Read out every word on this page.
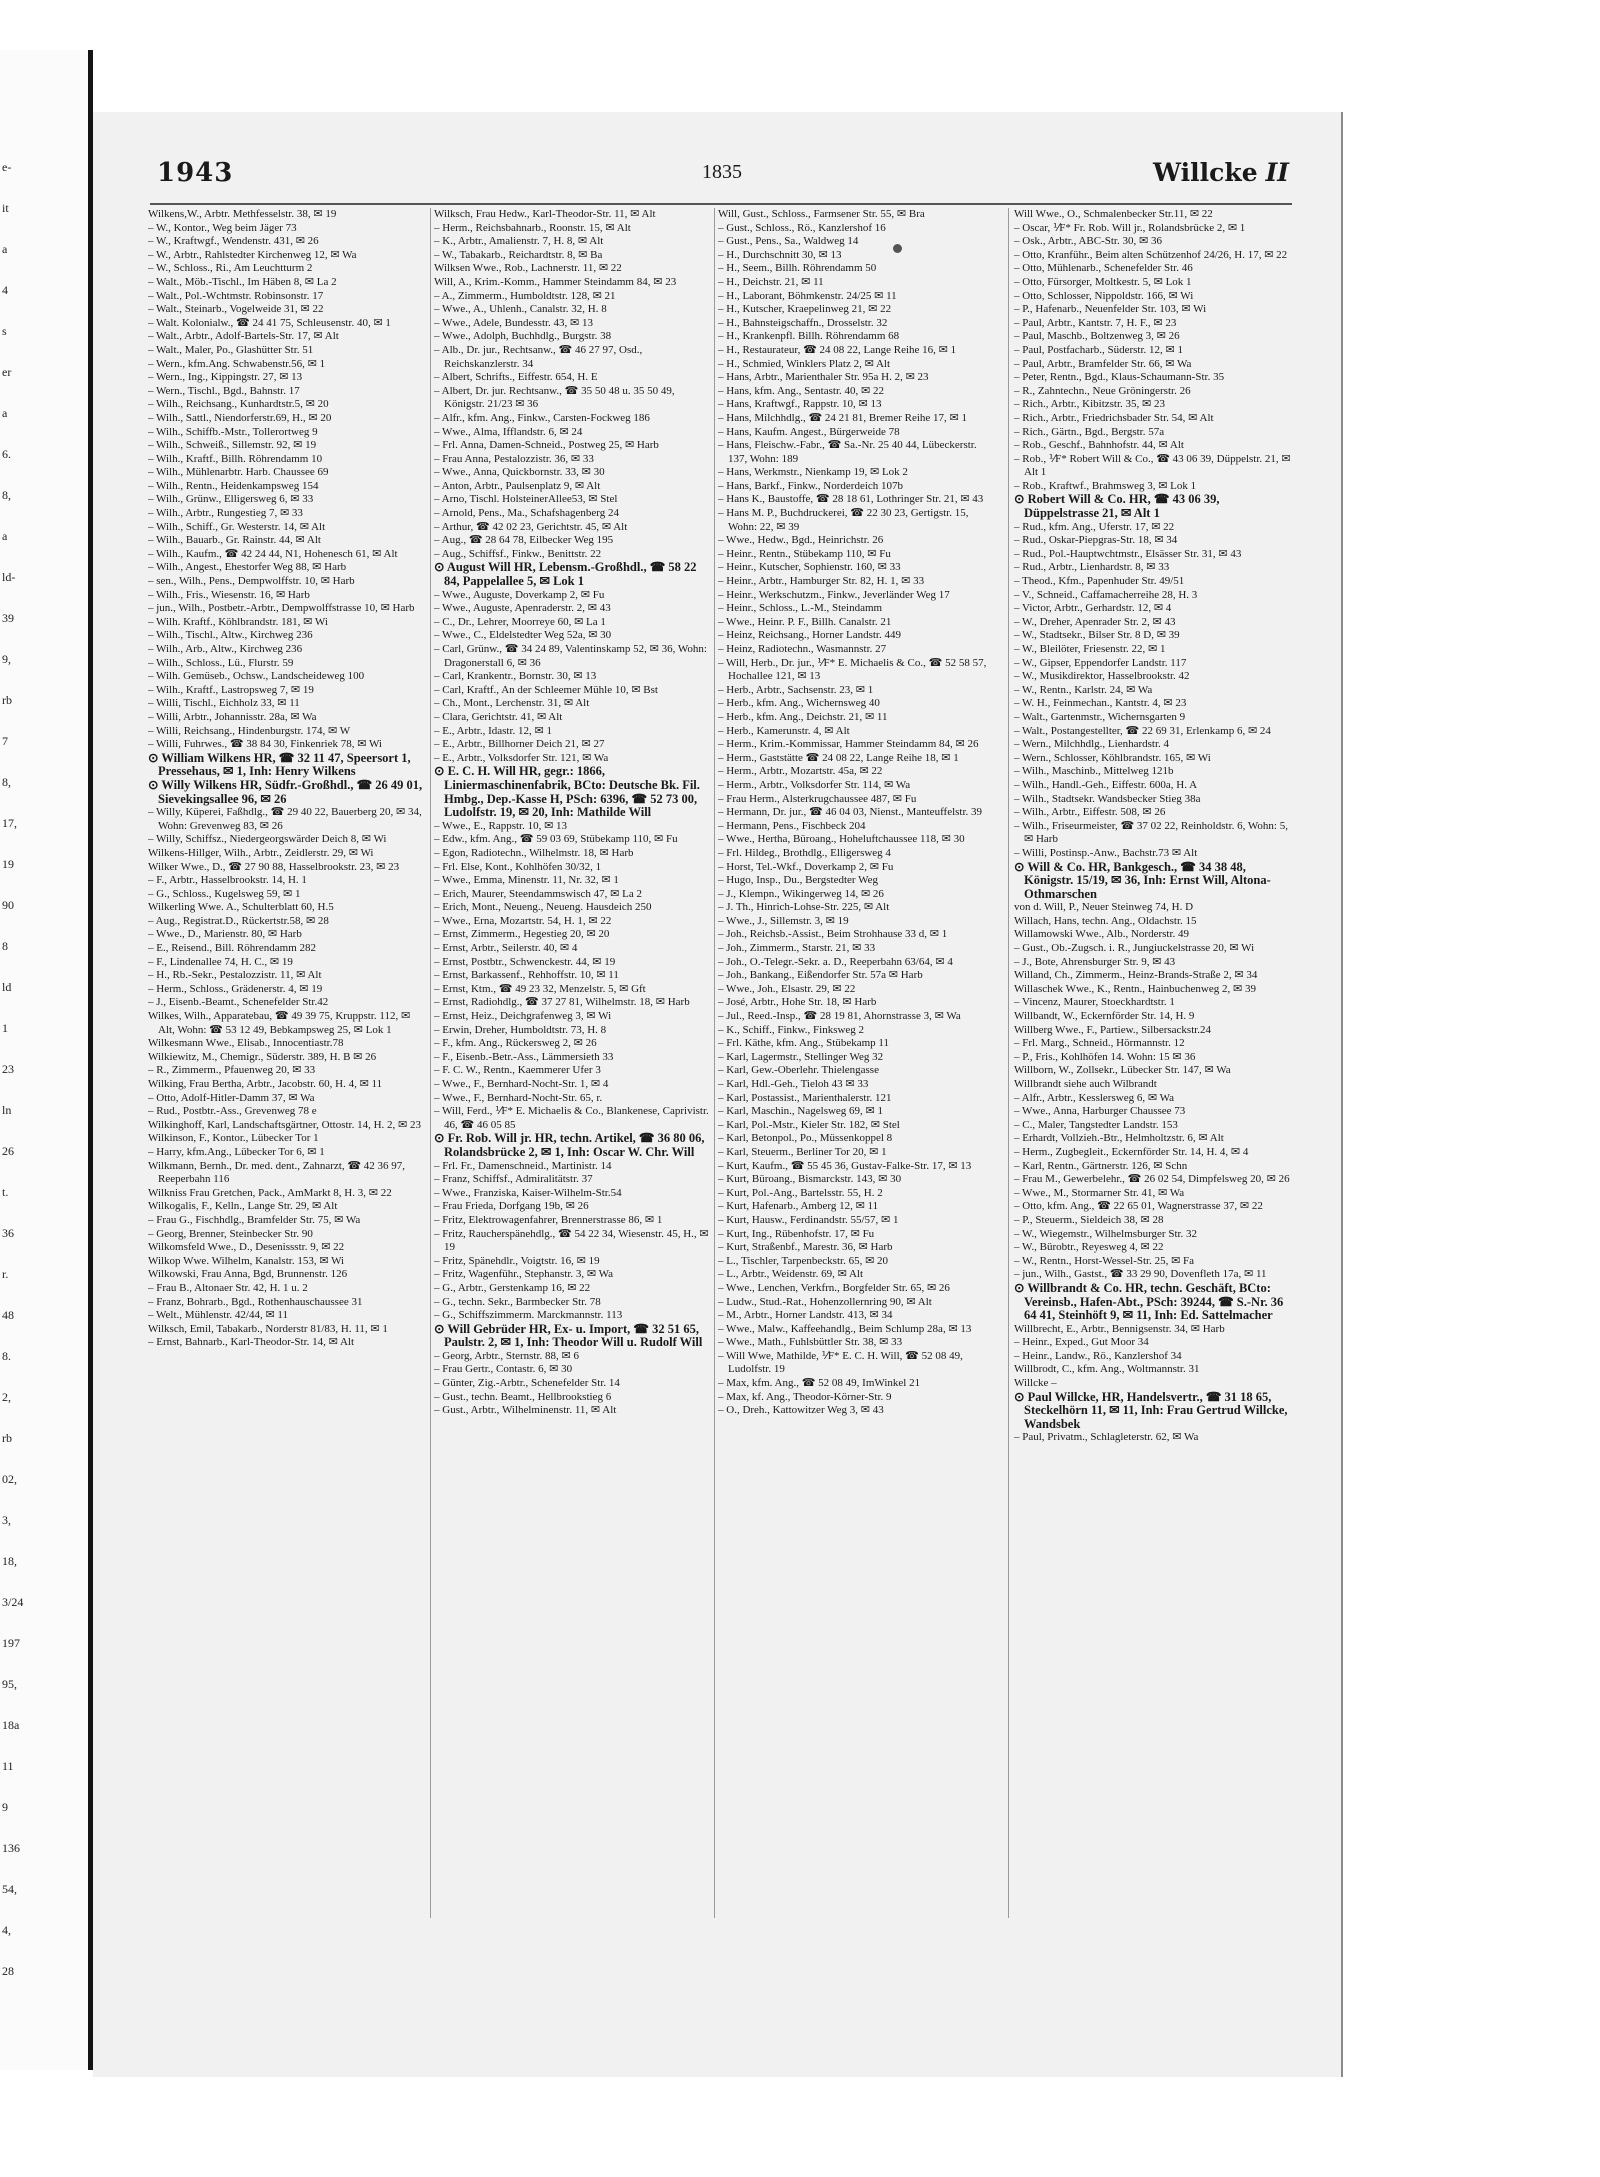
e-
it
a
4
s
er
a
6.
8,
a
ld-
39
9,
rb
7
8,
17,
19
90
8
ld
1
23
ln
26
t.
36
r.
48
8.
2,
rb
02,
3,
18,
3/24
197
95,
18a
11
9
136
54,
4,
28
1943	1835	Willcke II
Wilkens,W., Arbtr. Methfesselstr. 38, ✉ 19
– W., Kontor., Weg beim Jäger 73
– W., Kraftwgf., Wendenstr. 431, ✉ 26
– W., Arbtr., Rahlstedter Kirchenweg 12, ✉ Wa
– W., Schloss., Ri., Am Leuchtturm 2
– Walt., Möb.-Tischl., Im Häben 8, ✉ La 2
– Walt., Pol.-Wchtmstr. Robinsonstr. 17
– Walt., Steinarb., Vogelweide 31, ✉ 22
– Walt. Kolonialw., ☎ 24 41 75, Schleusenstr. 40, ✉ 1
– Walt., Arbtr., Adolf-Bartels-Str. 17, ✉ Alt
– Walt., Maler, Po., Glashütter Str. 51
– Wern., kfm.Ang. Schwabenstr.56, ✉ 1
– Wern., Ing., Kippingstr. 27, ✉ 13
– Wern., Tischl., Bgd., Bahnstr. 17
– Wilh., Reichsang., Kunhardtstr.5, ✉ 20
– Wilh., Sattl., Niendorferstr.69, H., ✉ 20
– Wilh., Schiffb.-Mstr., Tollerortweg 9
– Wilh., Schweiß., Sillemstr. 92, ✉ 19
– Wilh., Kraftf., Billh. Röhrendamm 10
– Wilh., Mühlenarbtr. Harb. Chaussee 69
– Wilh., Rentn., Heidenkampsweg 154
– Wilh., Grünw., Elligersweg 6, ✉ 33
– Wilh., Arbtr., Rungestieg 7, ✉ 33
– Wilh., Schiff., Gr. Westerstr. 14, ✉ Alt
– Wilh., Bauarb., Gr. Rainstr. 44, ✉ Alt
– Wilh., Kaufm., ☎ 42 24 44, N1, Hohenesch 61, ✉ Alt
– Wilh., Angest., Ehestorfer Weg 88, ✉ Harb
– sen., Wilh., Pens., Dempwolffstr. 10, ✉ Harb
– Wilh., Fris., Wiesenstr. 16, ✉ Harb
– jun., Wilh., Postbetr.-Arbtr., Dempwolffstrasse 10, ✉ Harb
– Wilh. Kraftf., Köhlbrandstr. 181, ✉ Wi
– Wilh., Tischl., Altw., Kirchweg 236
– Wilh., Arb., Altw., Kirchweg 236
– Wilh., Schloss., Lü., Flurstr. 59
– Wilh. Gemüseb., Ochsw., Landscheideweg 100
– Wilh., Kraftf., Lastropsweg 7, ✉ 19
– Willi, Tischl., Eichholz 33, ✉ 11
– Willi, Arbtr., Johannisstr. 28a, ✉ Wa
– Willi, Reichsang., Hindenburgstr. 174, ✉ W
– Willi, Fuhrwes., ☎ 38 84 30, Finkenriek 78, ✉ Wi
⊙ William Wilkens HR, ☎ 32 11 47, Speersort 1, Pressehaus, ✉ 1, Inh: Henry Wilkens
⊙ Willy Wilkens HR, Südfr.-Großhdl., ☎ 26 49 01, Sievekingsallee 96, ✉ 26
– Willy, Küperei, Faßhdlg., ☎ 29 40 22, Bauerberg 20, ✉ 34, Wohn: Grevenweg 83, ✉ 26
– Willy, Schiffsz., Niedergeorgswärder Deich 8, ✉ Wi
Wilkens-Hillger, Wilh., Arbtr., Zeidlerstr. 29, ✉ Wi
Wilker Wwe., D., ☎ 27 90 88, Hasselbrookstr. 23, ✉ 23
– F., Arbtr., Hasselbrookstr. 14, H. 1
– G., Schloss., Kugelsweg 59, ✉ 1
Wilkerling Wwe. A., Schulterblatt 60, H.5
– Aug., Registrat.D., Rückertstr.58, ✉ 28
– Wwe., D., Marienstr. 80, ✉ Harb
– E., Reisend., Bill. Röhrendamm 282
– F., Lindenallee 74, H. C., ✉ 19
– H., Rb.-Sekr., Pestalozzistr. 11, ✉ Alt
– Herm., Schloss., Grädenerstr. 4, ✉ 19
– J., Eisenb.-Beamt., Schenefelder Str.42
Wilkes, Wilh., Apparatebau, ☎ 49 39 75, Kruppstr. 112, ✉ Alt, Wohn: ☎ 53 12 49, Bebkampsweg 25, ✉ Lok 1
Wilkesmann Wwe., Elisab., Innocentiastr.78
Wilkiewitz, M., Chemigr., Süderstr. 389, H. B ✉ 26
– R., Zimmerm., Pfauenweg 20, ✉ 33
Wilking, Frau Bertha, Arbtr., Jacobstr. 60, H. 4, ✉ 11
– Otto, Adolf-Hitler-Damm 37, ✉ Wa
– Rud., Postbtr.-Ass., Grevenweg 78 e
Wilkinghoff, Karl, Landschaftsgärtner, Ottostr. 14, H. 2, ✉ 23
Wilkinson, F., Kontor., Lübecker Tor 1
– Harry, kfm.Ang., Lübecker Tor 6, ✉ 1
Wilkmann, Bernh., Dr. med. dent., Zahnarzt, ☎ 42 36 97, Reeperbahn 116
Wilkniss Frau Gretchen, Pack., AmMarkt 8, H. 3, ✉ 22
Wilkogalis, F., Kelln., Lange Str. 29, ✉ Alt
– Frau G., Fischhdlg., Bramfelder Str. 75, ✉ Wa
– Georg, Brenner, Steinbecker Str. 90
Wilkomsfeld Wwe., D., Desenissstr. 9, ✉ 22
Wilkop Wwe. Wilhelm, Kanalstr. 153, ✉ Wi
Wilkowski, Frau Anna, Bgd, Brunnenstr. 126
– Frau B., Altonaer Str. 42, H. 1 u. 2
– Franz, Bohrarb., Bgd., Rothenhauschaussee 31
– Welt., Mühlenstr. 42/44, ✉ 11
Wilksch, Emil, Tabakarb., Norderstr 81/83, H. 11, ✉ 1
– Ernst, Bahnarb., Karl-Theodor-Str. 14, ✉ Alt
Wilksch, Frau Hedw., Karl-Theodor-Str. 11, ✉ Alt
– Herm., Reichsbahnarb., Roonstr. 15, ✉ Alt
– K., Arbtr., Amalienstr. 7, H. 8, ✉ Alt
– W., Tabakarb., Reichardtstr. 8, ✉ Ba
Wilksen Wwe., Rob., Lachnerstr. 11, ✉ 22
Will, A., Krim.-Komm., Hammer Steindamm 84, ✉ 23
– A., Zimmerm., Humboldtstr. 128, ✉ 21
– Wwe., A., Uhlenh., Canalstr. 32, H. 8
– Wwe., Adele, Bundesstr. 43, ✉ 13
– Wwe., Adolph, Buchhdlg., Burgstr. 38
– Alb., Dr. jur., Rechtsanw., ☎ 46 27 97, Osd., Reichskanzlerstr. 34
– Albert, Schrifts., Eiffestr. 654, H. E
– Albert, Dr. jur. Rechtsanw., ☎ 35 50 48 u. 35 50 49, Königstr. 21/23 ✉ 36
– Alfr., kfm. Ang., Finkw., Carsten-Fockweg 186
– Wwe., Alma, Ifflandstr. 6, ✉ 24
– Frl. Anna, Damen-Schneid., Postweg 25, ✉ Harb
– Frau Anna, Pestalozzistr. 36, ✉ 33
– Wwe., Anna, Quickbornstr. 33, ✉ 30
– Anton, Arbtr., Paulsenplatz 9, ✉ Alt
– Arno, Tischl. HolsteinerAllee53, ✉ Stel
– Arnold, Pens., Ma., Schafshagenberg 24
– Arthur, ☎ 42 02 23, Gerichtstr. 45, ✉ Alt
– Aug., ☎ 28 64 78, Eilbecker Weg 195
– Aug., Schiffsf., Finkw., Benittstr. 22
⊙ August Will HR, Lebensm.-Großhdl., ☎ 58 22 84, Pappelallee 5, ✉ Lok 1
– Wwe., Auguste, Doverkamp 2, ✉ Fu
– Wwe., Auguste, Apenraderstr. 2, ✉ 43
– C., Dr., Lehrer, Moorreye 60, ✉ La 1
– Wwe., C., Eldelstedter Weg 52a, ✉ 30
– Carl, Grünw., ☎ 34 24 89, Valentinskamp 52, ✉ 36, Wohn: Dragonerstall 6, ✉ 36
– Carl, Krankentr., Bornstr. 30, ✉ 13
– Carl, Kraftf., An der Schleemer Mühle 10, ✉ Bst
– Ch., Mont., Lerchenstr. 31, ✉ Alt
– Clara, Gerichtstr. 41, ✉ Alt
– E., Arbtr., Idastr. 12, ✉ 1
– E., Arbtr., Billhorner Deich 21, ✉ 27
– E., Arbtr., Volksdorfer Str. 121, ✉ Wa
⊙ E. C. H. Will HR, gegr.: 1866, Liniermaschinenfabrik, BCto: Deutsche Bk. Fil. Hmbg., Dep.-Kasse H, PSch: 6396, ☎ 52 73 00, Ludolfstr. 19, ✉ 20, Inh: Mathilde Will
– Wwe., E., Rappstr. 10, ✉ 13
– Edw., kfm. Ang., ☎ 59 03 69, Stübekamp 110, ✉ Fu
– Egon, Radiotechn., Wilhelmstr. 18, ✉ Harb
– Frl. Else, Kont., Kohlhöfen 30/32, 1
– Wwe., Emma, Minenstr. 11, Nr. 32, ✉ 1
– Erich, Maurer, Steendammswisch 47, ✉ La 2
– Erich, Mont., Neueng., Neueng. Hausdeich 250
– Wwe., Erna, Mozartstr. 54, H. 1, ✉ 22
– Ernst, Zimmerm., Hegestieg 20, ✉ 20
– Ernst, Arbtr., Seilerstr. 40, ✉ 4
– Ernst, Postbtr., Schwenckestr. 44, ✉ 19
– Ernst, Barkassenf., Rehhoffstr. 10, ✉ 11
– Ernst, Ktm., ☎ 49 23 32, Menzelstr. 5, ✉ Gft
– Ernst, Radiohdlg., ☎ 37 27 81, Wilhelmstr. 18, ✉ Harb
– Ernst, Heiz., Deichgrafenweg 3, ✉ Wi
– Erwin, Dreher, Humboldtstr. 73, H. 8
– F., kfm. Ang., Rückersweg 2, ✉ 26
– F., Eisenb.-Betr.-Ass., Lämmersieth 33
– F. C. W., Rentn., Kaemmerer Ufer 3
– Wwe., F., Bernhard-Nocht-Str. 1, ✉ 4
– Wwe., F., Bernhard-Nocht-Str. 65, r.
– Will, Ferd., ⅟F* E. Michaelis & Co., Blankenese, Caprivistr. 46, ☎ 46 05 85
⊙ Fr. Rob. Will jr. HR, techn. Artikel, ☎ 36 80 06, Rolandsbrücke 2, ✉ 1, Inh: Oscar W. Chr. Will
– Frl. Fr., Damenschneid., Martinistr. 14
– Franz, Schiffsf., Admiralitätstr. 37
– Wwe., Franziska, Kaiser-Wilhelm-Str.54
– Frau Frieda, Dorfgang 19b, ✉ 26
– Fritz, Elektrowagenfahrer, Brennerstrasse 86, ✉ 1
– Fritz, Raucherspänehdlg., ☎ 54 22 34, Wiesenstr. 45, H., ✉ 19
– Fritz, Spänehdlr., Voigtstr. 16, ✉ 19
– Fritz, Wagenführ., Stephanstr. 3, ✉ Wa
– G., Arbtr., Gerstenkamp 16, ✉ 22
– G., techn. Sekr., Barmbecker Str. 78
– G., Schiffszimmerm. Marckmannstr. 113
⊙ Will Gebrüder HR, Ex- u. Import, ☎ 32 51 65, Paulstr. 2, ✉ 1, Inh: Theodor Will u. Rudolf Will
– Georg, Arbtr., Sternstr. 88, ✉ 6
– Frau Gertr., Contastr. 6, ✉ 30
– Günter, Zig.-Arbtr., Schenefelder Str. 14
– Gust., techn. Beamt., Hellbrookstieg 6
– Gust., Arbtr., Wilhelminenstr. 11, ✉ Alt
Will, Gust., Schloss., Farmsener Str. 55, ✉ Bra
– Gust., Schloss., Rö., Kanzlershof 16
– Gust., Pens., Sa., Waldweg 14
– H., Durchschnitt 30, ✉ 13
– H., Seem., Billh. Röhrendamm 50
– H., Deichstr. 21, ✉ 11
– H., Laborant, Böhmkenstr. 24/25 ✉ 11
– H., Kutscher, Kraepelinweg 21, ✉ 22
– H., Bahnsteigschaffn., Drosselstr. 32
– H., Krankenpfl. Billh. Röhrendamm 68
– H., Restaurateur, ☎ 24 08 22, Lange Reihe 16, ✉ 1
– H., Schmied, Winklers Platz 2, ✉ Alt
– Hans, Arbtr., Marienthaler Str. 95a H. 2, ✉ 23
– Hans, kfm. Ang., Sentastr. 40, ✉ 22
– Hans, Kraftwgf., Rappstr. 10, ✉ 13
– Hans, Milchhdlg., ☎ 24 21 81, Bremer Reihe 17, ✉ 1
– Hans, Kaufm. Angest., Bürgerweide 78
– Hans, Fleischw.-Fabr., ☎ Sa.-Nr. 25 40 44, Lübeckerstr. 137, Wohn: 189
– Hans, Werkmstr., Nienkamp 19, ✉ Lok 2
– Hans, Barkf., Finkw., Norderdeich 107b
– Hans K., Baustoffe, ☎ 28 18 61, Lothringer Str. 21, ✉ 43
– Hans M. P., Buchdruckerei, ☎ 22 30 23, Gertigstr. 15, Wohn: 22, ✉ 39
– Wwe., Hedw., Bgd., Heinrichstr. 26
– Heinr., Rentn., Stübekamp 110, ✉ Fu
– Heinr., Kutscher, Sophienstr. 160, ✉ 33
– Heinr., Arbtr., Hamburger Str. 82, H. 1, ✉ 33
– Heinr., Werkschutzm., Finkw., Jeverländer Weg 17
– Heinr., Schloss., L.-M., Steindamm
– Wwe., Heinr. P. F., Billh. Canalstr. 21
– Heinz, Reichsang., Horner Landstr. 449
– Heinz, Radiotechn., Wasmannstr. 27
– Will, Herb., Dr. jur., ⅟F* E. Michaelis & Co., ☎ 52 58 57, Hochallee 121, ✉ 13
– Herb., Arbtr., Sachsenstr. 23, ✉ 1
– Herb., kfm. Ang., Wichernsweg 40
– Herb., kfm. Ang., Deichstr. 21, ✉ 11
– Herb., Kamerunstr. 4, ✉ Alt
– Herm., Krim.-Kommissar, Hammer Steindamm 84, ✉ 26
– Herm., Gaststätte ☎ 24 08 22, Lange Reihe 18, ✉ 1
– Herm., Arbtr., Mozartstr. 45a, ✉ 22
– Herm., Arbtr., Volksdorfer Str. 114, ✉ Wa
– Frau Herm., Alsterkrugchaussee 487, ✉ Fu
– Hermann, Dr. jur., ☎ 46 04 03, Nienst., Manteuffelstr. 39
– Hermann, Pens., Fischbeck 204
– Wwe., Hertha, Büroang., Hoheluftchaussee 118, ✉ 30
– Frl. Hildeg., Brothdlg., Elligersweg 4
– Horst, Tel.-Wkf., Doverkamp 2, ✉ Fu
– Hugo, Insp., Du., Bergstedter Weg
– J., Klempn., Wikingerweg 14, ✉ 26
– J. Th., Hinrich-Lohse-Str. 225, ✉ Alt
– Wwe., J., Sillemstr. 3, ✉ 19
– Joh., Reichsb.-Assist., Beim Strohhause 33 d, ✉ 1
– Joh., Zimmerm., Starstr. 21, ✉ 33
– Joh., O.-Telegr.-Sekr. a. D., Reeperbahn 63/64, ✉ 4
– Joh., Bankang., Eißendorfer Str. 57a ✉ Harb
– Wwe., Joh., Elsastr. 29, ✉ 22
– José, Arbtr., Hohe Str. 18, ✉ Harb
– Jul., Reed.-Insp., ☎ 28 19 81, Ahornstrasse 3, ✉ Wa
– K., Schiff., Finkw., Finksweg 2
– Frl. Käthe, kfm. Ang., Stübekamp 11
– Karl, Lagermstr., Stellinger Weg 32
– Karl, Gew.-Oberlehr. Thielengasse
– Karl, Hdl.-Geh., Tieloh 43 ✉ 33
– Karl, Postassist., Marienthalerstr. 121
– Karl, Maschin., Nagelsweg 69, ✉ 1
– Karl, Pol.-Mstr., Kieler Str. 182, ✉ Stel
– Karl, Betonpol., Po., Müssenkoppel 8
– Karl, Steuerm., Berliner Tor 20, ✉ 1
– Kurt, Kaufm., ☎ 55 45 36, Gustav-Falke-Str. 17, ✉ 13
– Kurt, Büroang., Bismarckstr. 143, ✉ 30
– Kurt, Pol.-Ang., Bartelsstr. 55, H. 2
– Kurt, Hafenarb., Amberg 12, ✉ 11
– Kurt, Hausw., Ferdinandstr. 55/57, ✉ 1
– Kurt, Ing., Rübenhofstr. 17, ✉ Fu
– Kurt, Straßenbf., Marestr. 36, ✉ Harb
– L., Tischler, Tarpenbeckstr. 65, ✉ 20
– L., Arbtr., Weidenstr. 69, ✉ Alt
– Wwe., Lenchen, Verkfrn., Borgfelder Str. 65, ✉ 26
– Ludw., Stud.-Rat., Hohenzollernring 90, ✉ Alt
– M., Arbtr., Horner Landstr. 413, ✉ 34
– Wwe., Malw., Kaffeehandlg., Beim Schlump 28a, ✉ 13
– Wwe., Math., Fuhlsbüttler Str. 38, ✉ 33
– Will Wwe, Mathilde, ⅟F* E. C. H. Will, ☎ 52 08 49, Ludolfstr. 19
– Max, kfm. Ang., ☎ 52 08 49, ImWinkel 21
– Max, kf. Ang., Theodor-Körner-Str. 9
– O., Dreh., Kattowitzer Weg 3, ✉ 43
Will Wwe., O., Schmalenbecker Str.11, ✉ 22
– Oscar, ⅟F* Fr. Rob. Will jr., Rolandsbrücke 2, ✉ 1
– Osk., Arbtr., ABC-Str. 30, ✉ 36
– Otto, Kranführ., Beim alten Schützenhof 24/26, H. 17, ✉ 22
– Otto, Mühlenarb., Schenefelder Str. 46
– Otto, Fürsorger, Moltkestr. 5, ✉ Lok 1
– Otto, Schlosser, Nippoldstr. 166, ✉ Wi
– P., Hafenarb., Neuenfelder Str. 103, ✉ Wi
– Paul, Arbtr., Kantstr. 7, H. F., ✉ 23
– Paul, Maschb., Boltzenweg 3, ✉ 26
– Paul, Postfacharb., Süderstr. 12, ✉ 1
– Paul, Arbtr., Bramfelder Str. 66, ✉ Wa
– Peter, Rentn., Bgd., Klaus-Schaumann-Str. 35
– R., Zahntechn., Neue Gröningerstr. 26
– Rich., Arbtr., Kibitzstr. 35, ✉ 23
– Rich., Arbtr., Friedrichsbader Str. 54, ✉ Alt
– Rich., Gärtn., Bgd., Bergstr. 57a
– Rob., Geschf., Bahnhofstr. 44, ✉ Alt
– Rob., ⅟F* Robert Will & Co., ☎ 43 06 39, Düppelstr. 21, ✉ Alt 1
– Rob., Kraftwf., Brahmsweg 3, ✉ Lok 1
⊙ Robert Will & Co. HR, ☎ 43 06 39, Düppelstrasse 21, ✉ Alt 1
– Rud., kfm. Ang., Uferstr. 17, ✉ 22
– Rud., Oskar-Piepgras-Str. 18, ✉ 34
– Rud., Pol.-Hauptwchtmstr., Elsässer Str. 31, ✉ 43
– Rud., Arbtr., Lienhardstr. 8, ✉ 33
– Theod., Kfm., Papenhuder Str. 49/51
– V., Schneid., Caffamacherreihe 28, H. 3
– Victor, Arbtr., Gerhardstr. 12, ✉ 4
– W., Dreher, Apenrader Str. 2, ✉ 43
– W., Stadtsekr., Bilser Str. 8 D, ✉ 39
– W., Bleilöter, Friesenstr. 22, ✉ 1
– W., Gipser, Eppendorfer Landstr. 117
– W., Musikdirektor, Hasselbrookstr. 42
– W., Rentn., Karlstr. 24, ✉ Wa
– W. H., Feinmechan., Kantstr. 4, ✉ 23
– Walt., Gartenmstr., Wichernsgarten 9
– Walt., Postangestellter, ☎ 22 69 31, Erlenkamp 6, ✉ 24
– Wern., Milchhdlg., Lienhardstr. 4
– Wern., Schlosser, Köhlbrandstr. 165, ✉ Wi
– Wilh., Maschinb., Mittelweg 121b
– Wilh., Handl.-Geh., Eiffestr. 600a, H. A
– Wilh., Stadtsekr. Wandsbecker Stieg 38a
– Wilh., Arbtr., Eiffestr. 508, ✉ 26
– Wilh., Friseurmeister, ☎ 37 02 22, Reinholdstr. 6, Wohn: 5, ✉ Harb
– Willi, Postinsp.-Anw., Bachstr.73 ✉ Alt
⊙ Will & Co. HR, Bankgesch., ☎ 34 38 48, Königstr. 15/19, ✉ 36, Inh: Ernst Will, Altona-Othmarschen
von d. Will, P., Neuer Steinweg 74, H. D
Willach, Hans, techn. Ang., Oldachstr. 15
Willamowski Wwe., Alb., Norderstr. 49
– Gust., Ob.-Zugsch. i. R., Jungiuckelstrasse 20, ✉ Wi
– J., Bote, Ahrensburger Str. 9, ✉ 43
Willand, Ch., Zimmerm., Heinz-Brands-Straße 2, ✉ 34
Willaschek Wwe., K., Rentn., Hainbuchenweg 2, ✉ 39
– Vincenz, Maurer, Stoeckhardtstr. 1
Willbandt, W., Eckernförder Str. 14, H. 9
Willberg Wwe., F., Partiew., Silbersackstr.24
– Frl. Marg., Schneid., Hörmannstr. 12
– P., Fris., Kohlhöfen 14. Wohn: 15 ✉ 36
Willborn, W., Zollsekr., Lübecker Str. 147, ✉ Wa
Willbrandt siehe auch Wilbrandt
– Alfr., Arbtr., Kesslersweg 6, ✉ Wa
– Wwe., Anna, Harburger Chaussee 73
– C., Maler, Tangstedter Landstr. 153
– Erhardt, Vollzieh.-Btr., Helmholtzstr. 6, ✉ Alt
– Herm., Zugbegleit., Eckernförder Str. 14, H. 4, ✉ 4
– Karl, Rentn., Gärtnerstr. 126, ✉ Schn
– Frau M., Gewerbelehr., ☎ 26 02 54, Dimpfelsweg 20, ✉ 26
– Wwe., M., Stormarner Str. 41, ✉ Wa
– Otto, kfm. Ang., ☎ 22 65 01, Wagnerstrasse 37, ✉ 22
– P., Steuerm., Sieldeich 38, ✉ 28
– W., Wiegemstr., Wilhelmsburger Str. 32
– W., Bürobtr., Reyesweg 4, ✉ 22
– W., Rentn., Horst-Wessel-Str. 25, ✉ Fa
– jun., Wilh., Gastst., ☎ 33 29 90, Dovenfleth 17a, ✉ 11
⊙ Willbrandt & Co. HR, techn. Geschäft, BCto: Vereinsb., Hafen-Abt., PSch: 39244, ☎ S.-Nr. 36 64 41, Steinhöft 9, ✉ 11, Inh: Ed. Sattelmacher
Willbrecht, E., Arbtr., Bennigsenstr. 34, ✉ Harb
– Heinr., Exped., Gut Moor 34
– Heinr., Landw., Rö., Kanzlershof 34
Willbrodt, C., kfm. Ang., Woltmannstr. 31
Willcke –
⊙ Paul Willcke, HR, Handelsvertr., ☎ 31 18 65, Steckelhörn 11, ✉ 11, Inh: Frau Gertrud Willcke, Wandsbek
– Paul, Privatm., Schlagleterstr. 62, ✉ Wa
